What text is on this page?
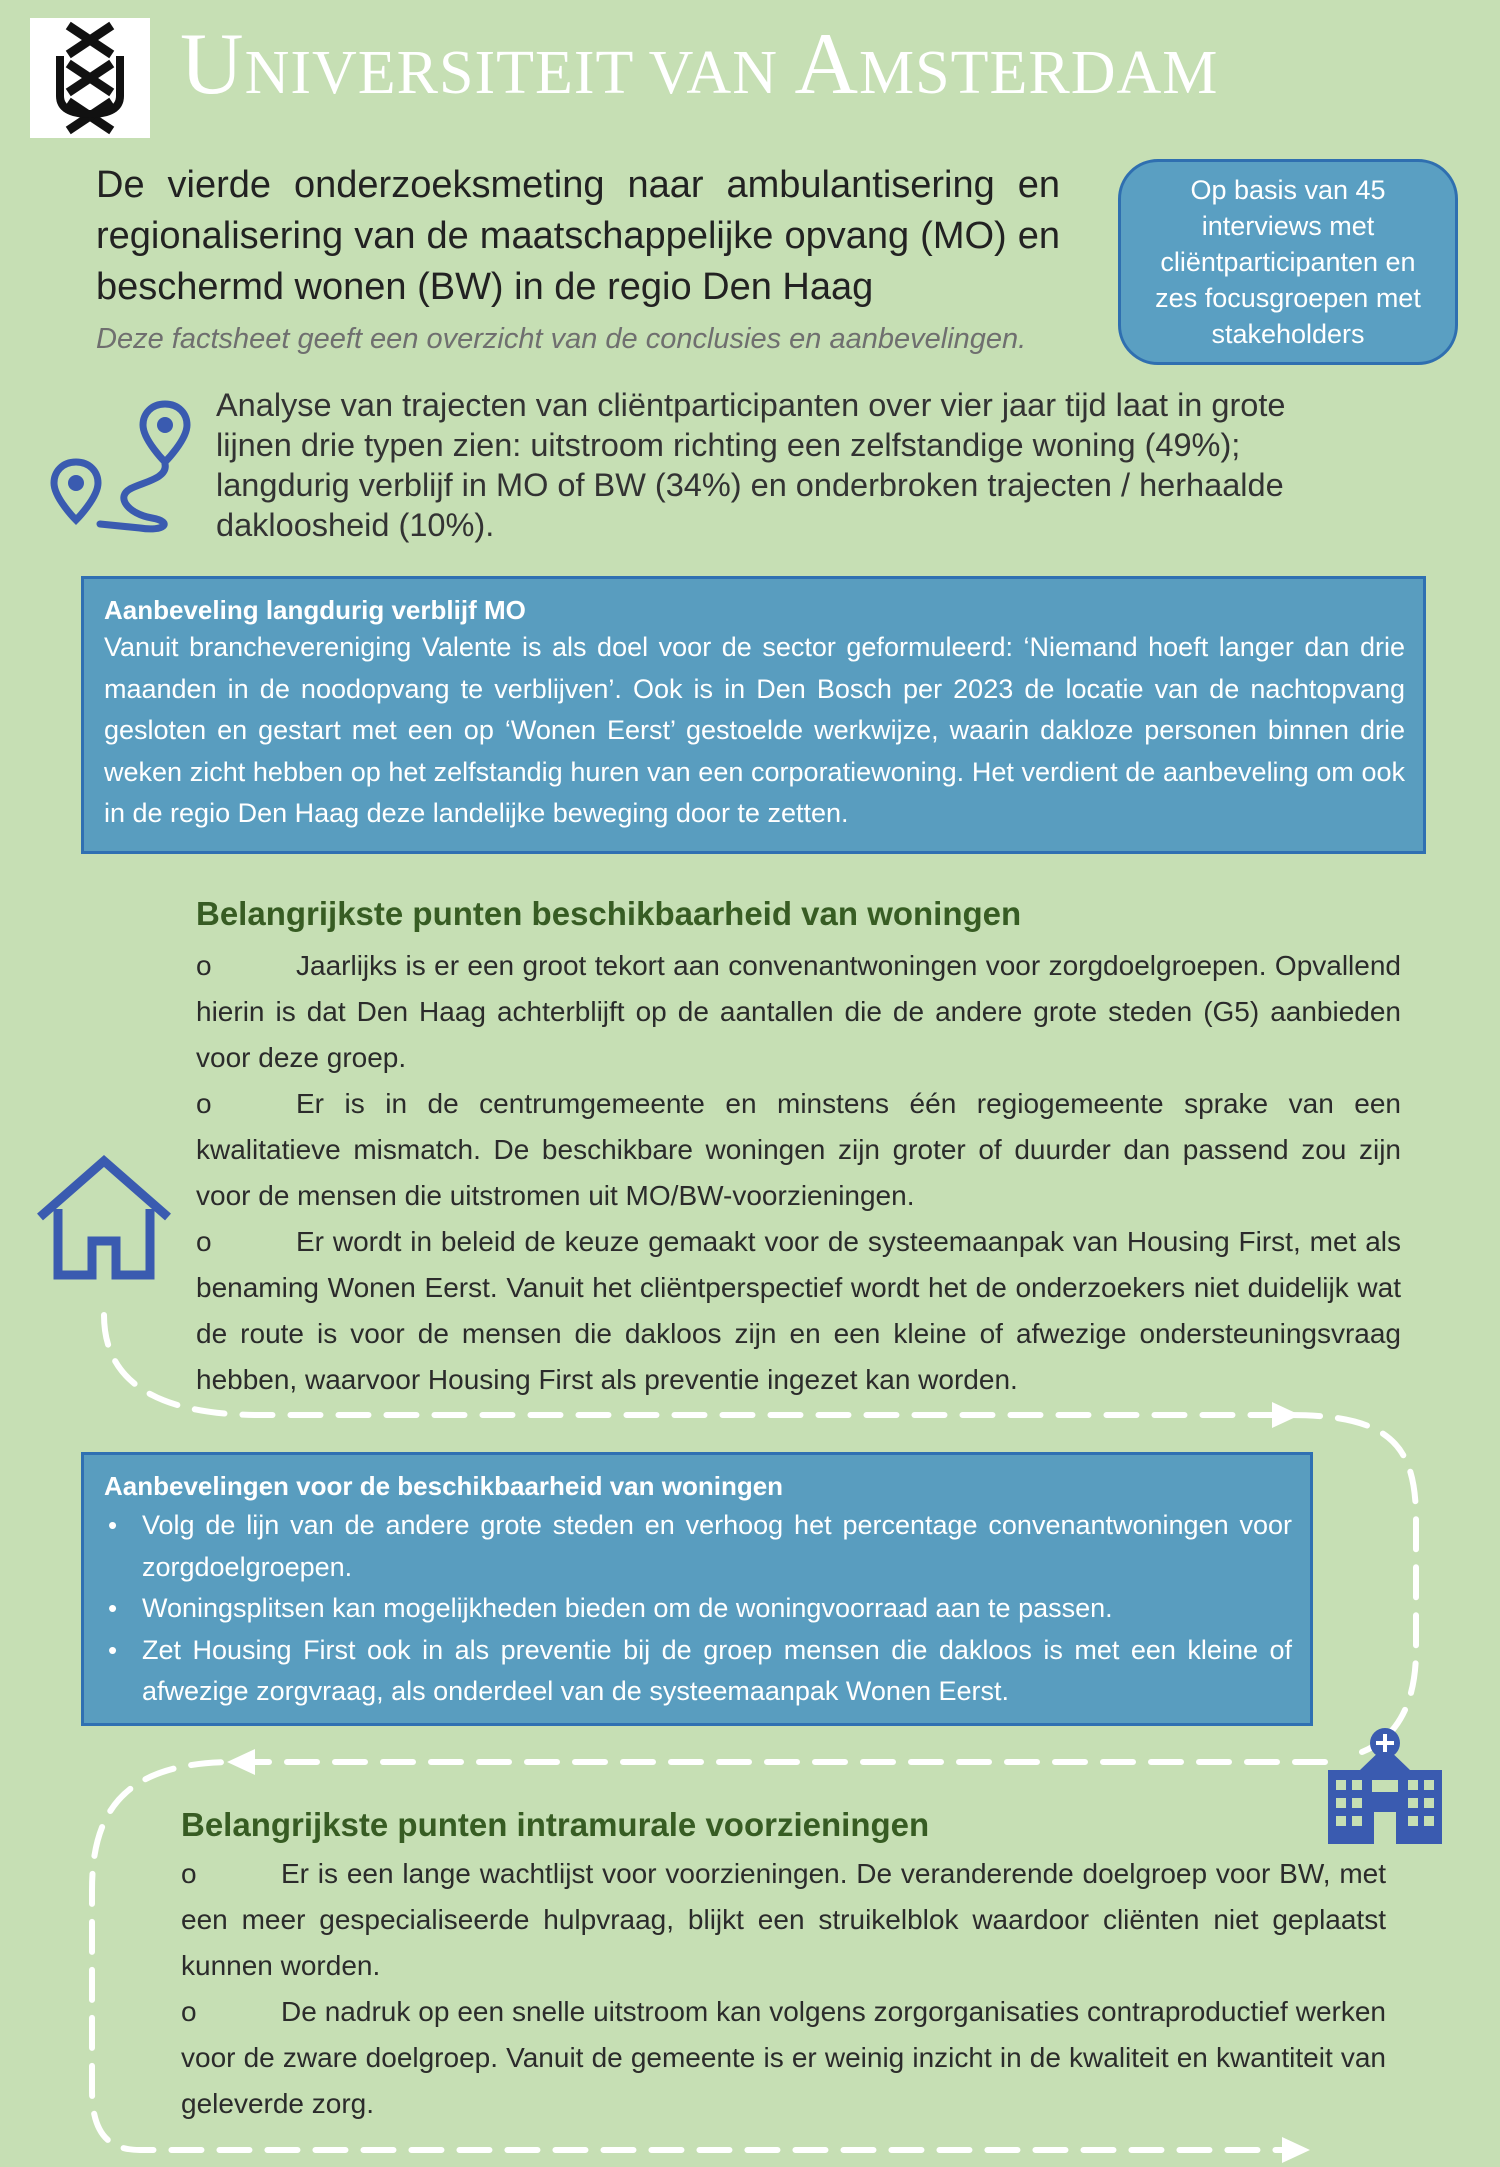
UNIVERSITEIT VAN AMSTERDAM
De vierde onderzoeksmeting naar ambulantisering en regionalisering van de maatschappelijke opvang (MO) en beschermd wonen (BW) in de regio Den Haag
Deze factsheet geeft een overzicht van de conclusies en aanbevelingen.
Op basis van 45 interviews met cliëntparticipanten en zes focusgroepen met stakeholders
Analyse van trajecten van cliëntparticipanten over vier jaar tijd laat in grote lijnen drie typen zien: uitstroom richting een zelfstandige woning (49%); langdurig verblijf in MO of BW (34%) en onderbroken trajecten / herhaalde dakloosheid (10%).
Aanbeveling langdurig verblijf MO
Vanuit branchevereniging Valente is als doel voor de sector geformuleerd: ‘Niemand hoeft langer dan drie maanden in de noodopvang te verblijven’. Ook is in Den Bosch per 2023 de locatie van de nachtopvang gesloten en gestart met een op ‘Wonen Eerst’ gestoelde werkwijze, waarin dakloze personen binnen drie weken zicht hebben op het zelfstandig huren van een corporatiewoning. Het verdient de aanbeveling om ook in de regio Den Haag deze landelijke beweging door te zetten.
Belangrijkste punten beschikbaarheid van woningen

o	Jaarlijks is er een groot tekort aan convenantwoningen voor zorgdoelgroepen. Opvallend hierin is dat Den Haag achterblijft op de aantallen die de andere grote steden (G5) aanbieden voor deze groep.

o	Er is in de centrumgemeente en minstens één regiogemeente sprake van een kwalitatieve mismatch. De beschikbare woningen zijn groter of duurder dan passend zou zijn voor de mensen die uitstromen uit MO/BW-voorzieningen.

o	Er wordt in beleid de keuze gemaakt voor de systeemaanpak van Housing First, met als benaming Wonen Eerst. Vanuit het cliëntperspectief wordt het de onderzoekers niet duidelijk wat de route is voor de mensen die dakloos zijn en een kleine of afwezige ondersteuningsvraag hebben, waarvoor Housing First als preventie ingezet kan worden.

Aanbevelingen voor de beschikbaarheid van woningen
• Volg de lijn van de andere grote steden en verhoog het percentage convenantwoningen voor zorgdoelgroepen.
• Woningsplitsen kan mogelijkheden bieden om de woningvoorraad aan te passen.
• Zet Housing First ook in als preventie bij de groep mensen die dakloos is met een kleine of afwezige zorgvraag, als onderdeel van de systeemaanpak Wonen Eerst.
Belangrijkste punten intramurale voorzieningen

o	Er is een lange wachtlijst voor voorzieningen. De veranderende doelgroep voor BW, met een meer gespecialiseerde hulpvraag, blijkt een struikelblok waardoor cliënten niet geplaatst kunnen worden.

o	De nadruk op een snelle uitstroom kan volgens zorgorganisaties contraproductief werken voor de zware doelgroep. Vanuit de gemeente is er weinig inzicht in de kwaliteit en kwantiteit van geleverde zorg.
